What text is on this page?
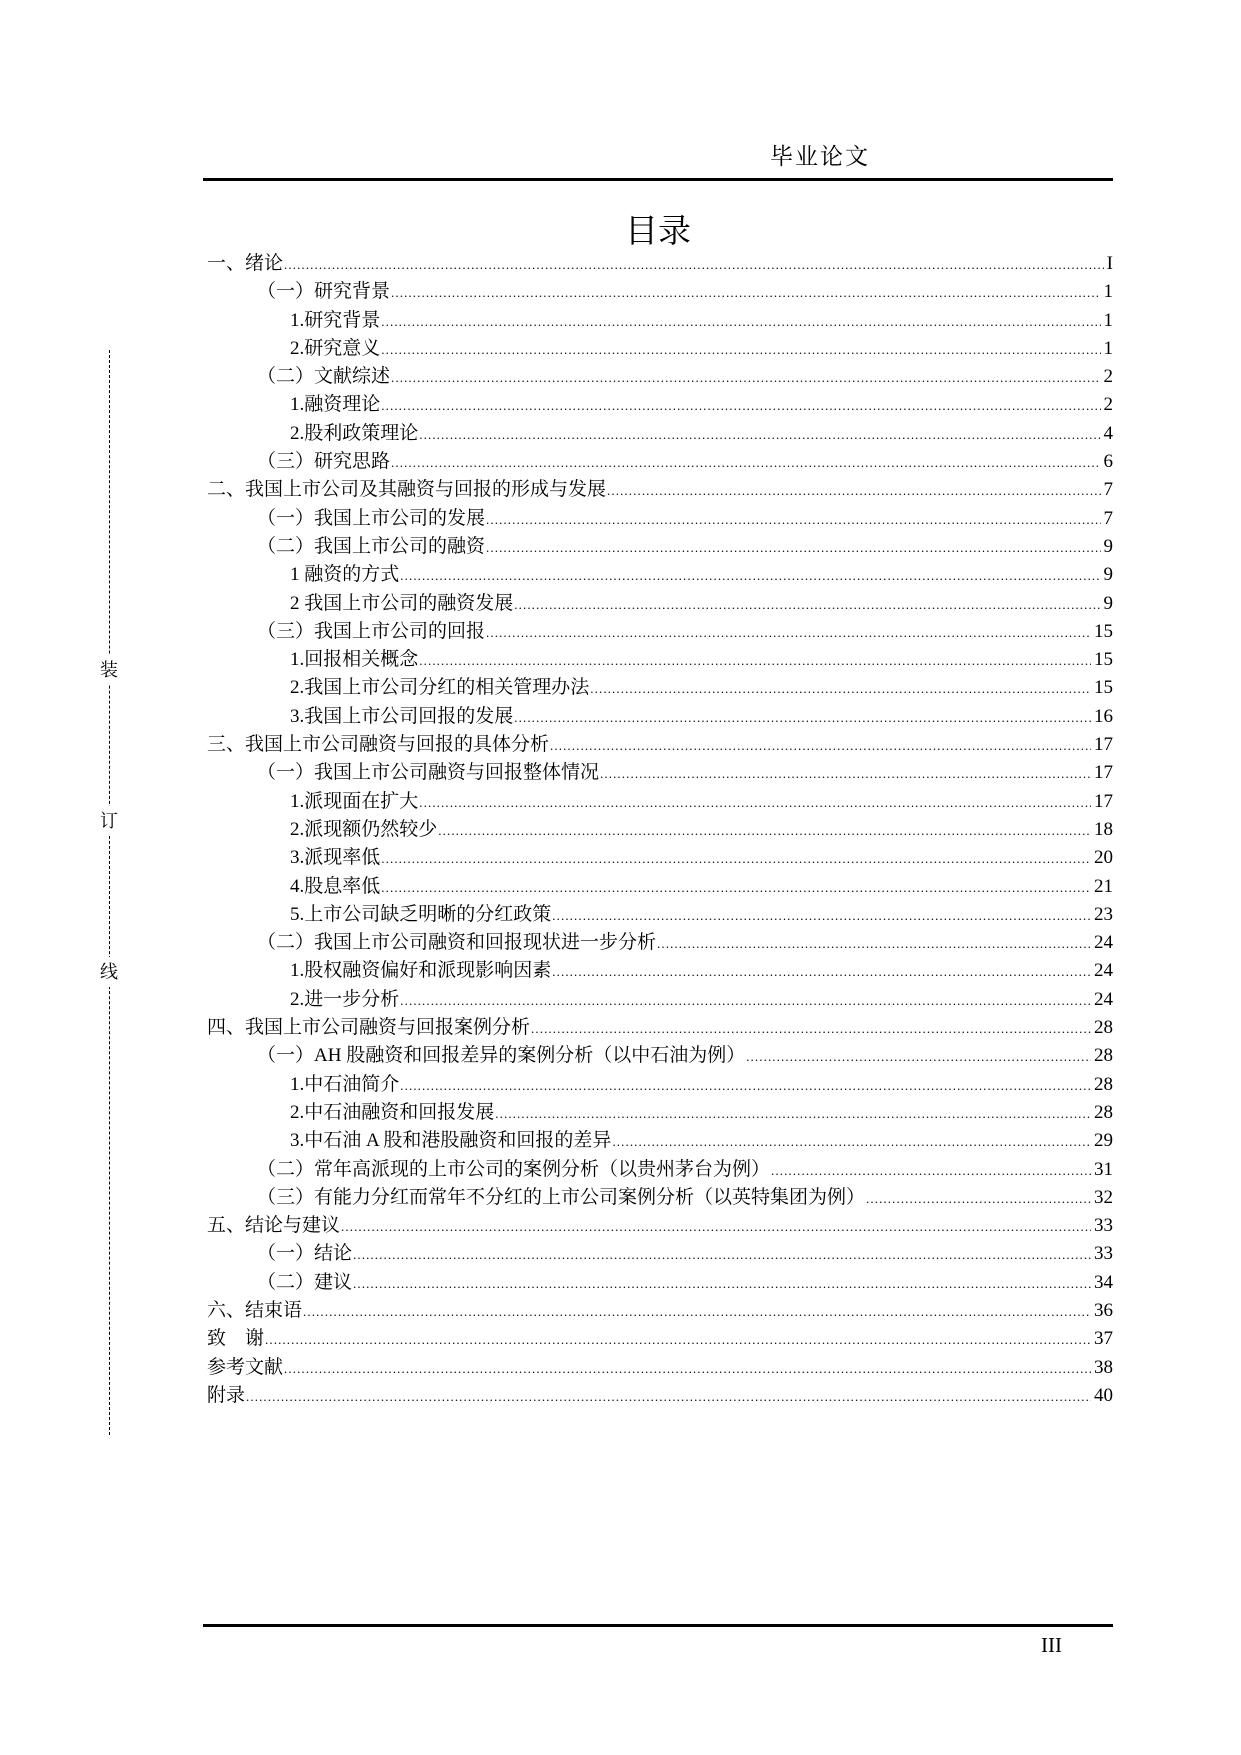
毕业论文
目录
一、绪论 .....	I
（一）研究背景 .....	1
1.研究背景 .....	1
2.研究意义 .....	1
（二）文献综述 .....	2
1.融资理论 .....	2
2.股利政策理论 .....	4
（三）研究思路 .....	6
二、我国上市公司及其融资与回报的形成与发展 .....	7
（一）我国上市公司的发展 .....	7
（二）我国上市公司的融资 .....	9
1 融资的方式 .....	9
2 我国上市公司的融资发展 .....	9
（三）我国上市公司的回报 .....	15
1.回报相关概念 .....	15
2.我国上市公司分红的相关管理办法 .....	15
3.我国上市公司回报的发展 .....	16
三、我国上市公司融资与回报的具体分析 .....	17
（一）我国上市公司融资与回报整体情况 .....	17
1.派现面在扩大 .....	17
2.派现额仍然较少 .....	18
3.派现率低 .....	20
4.股息率低 .....	21
5.上市公司缺乏明晰的分红政策 .....	23
（二）我国上市公司融资和回报现状进一步分析 .....	24
1.股权融资偏好和派现影响因素 .....	24
2.进一步分析 .....	24
四、我国上市公司融资与回报案例分析 .....	28
（一）AH 股融资和回报差异的案例分析（以中石油为例） .....	28
1.中石油简介 .....	28
2.中石油融资和回报发展 .....	28
3.中石油 A 股和港股融资和回报的差异 .....	29
（二）常年高派现的上市公司的案例分析（以贵州茅台为例） .....	31
（三）有能力分红而常年不分红的上市公司案例分析（以英特集团为例） .....	32
五、结论与建议 .....	33
（一）结论 .....	33
（二）建议 .....	34
六、结束语 .....	36
致　谢 .....	37
参考文献 .....	38
附录 .....	40
装
订
线
III
